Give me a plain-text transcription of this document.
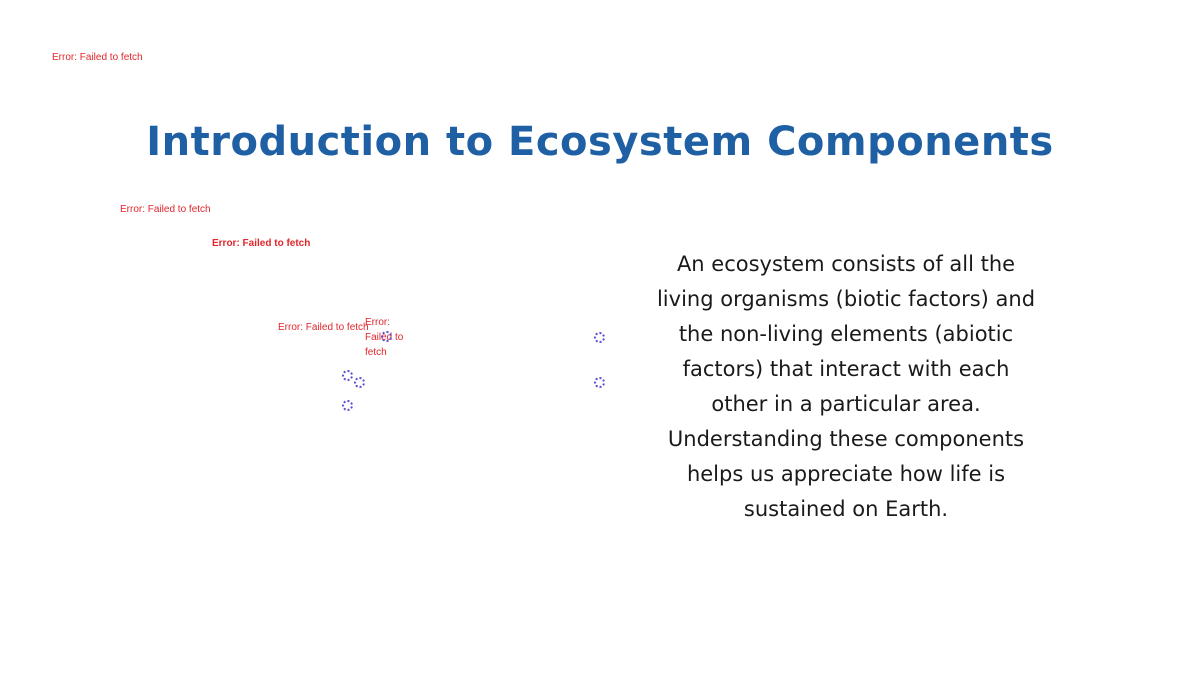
Error: Failed to fetch
Introduction to Ecosystem Components
Error: Failed to fetch
Error: Failed to fetch
Error: Failed to fetch
Error: Failed to fetch

An ecosystem consists of all the living organisms (biotic factors) and the non-living elements (abiotic factors) that interact with each other in a particular area. Understanding these components helps us appreciate how life is sustained on Earth.
